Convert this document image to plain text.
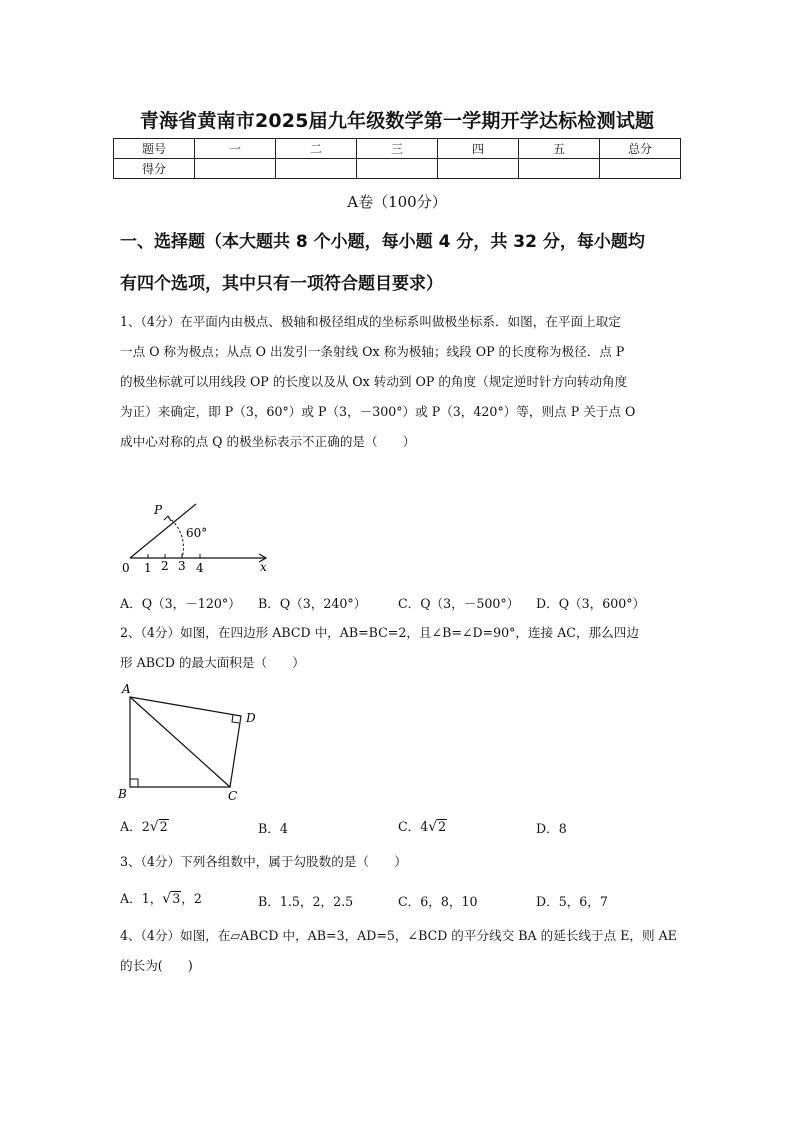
青海省黄南市2025届九年级数学第一学期开学达标检测试题
题号	一	二	三	四	五	总分
得分						
A卷（100分）
一、选择题（本大题共 8 个小题，每小题 4 分，共 32 分，每小题均
有四个选项，其中只有一项符合题目要求）
1、（4分）在平面内由极点、极轴和极径组成的坐标系叫做极坐标系．如图，在平面上取定
一点 O 称为极点；从点 O 出发引一条射线 Ox 称为极轴；线段 OP 的长度称为极径．点 P
的极坐标就可以用线段 OP 的长度以及从 Ox 转动到 OP 的角度（规定逆时针方向转动角度
为正）来确定，即 P（3，60°）或 P（3，－300°）或 P（3，420°）等，则点 P 关于点 O
成中心对称的点 Q 的极坐标表示不正确的是（　　）
P
60°
x
0 1 2 3 4
A．Q（3，－120°） B．Q（3，240°）	C．Q（3，－500°） D．Q（3，600°）
2、（4分）如图，在四边形 ABCD 中，AB=BC=2，且∠B=∠D=90°，连接 AC，那么四边
形 ABCD 的最大面积是（　　）
A
B	C
D
A．2√2	B．4	C．4√2	D．8
3、（4分）下列各组数中，属于勾股数的是（　　）
A．1，√3，2	B．1.5，2，2.5	C．6，8，10	D．5，6，7
4、（4分）如图，在▱ABCD 中，AB=3，AD=5，∠BCD 的平分线交 BA 的延长线于点 E，则 AE
的长为(　　)
